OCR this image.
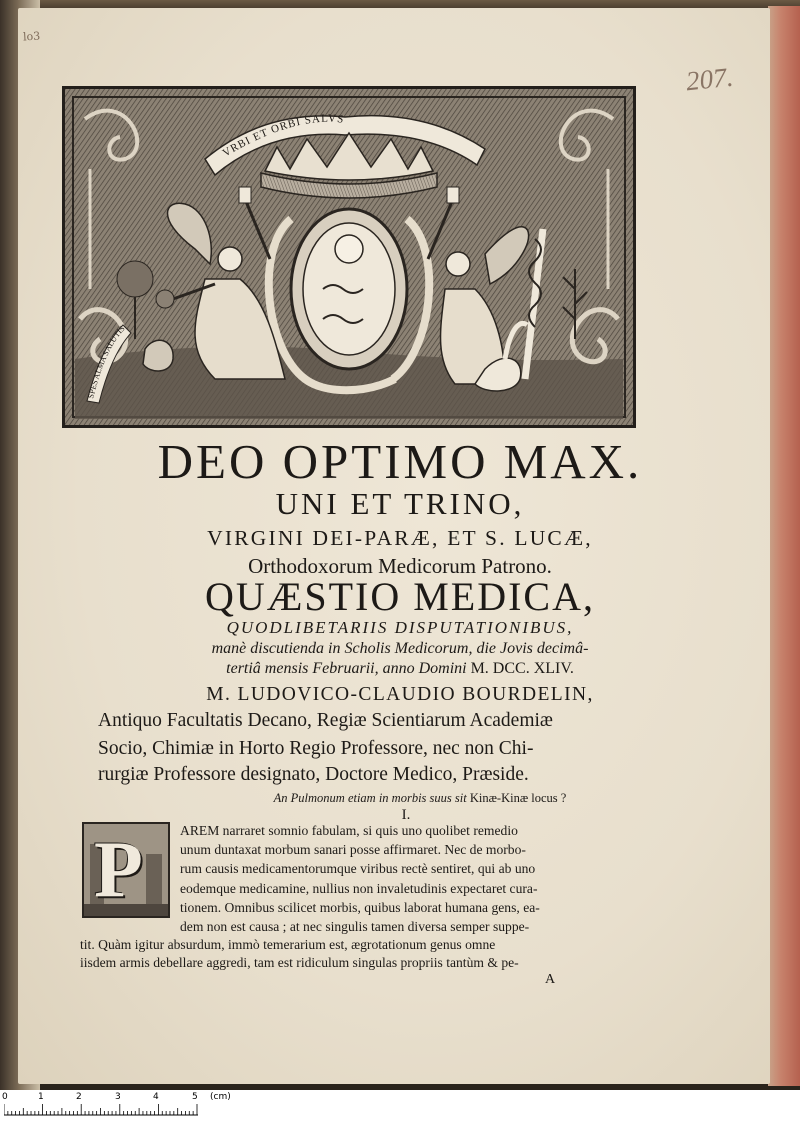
lo3
207.
VRBI ET ORBI SALVS
SPES ALMA SALUTIS
DEO OPTIMO MAX.
UNI ET TRINO,
VIRGINI DEI-PARÆ, ET S. LUCÆ,
Orthodoxorum Medicorum Patrono.
QUÆSTIO MEDICA,
QUODLIBETARIIS DISPUTATIONIBUS,
manè discutienda in Scholis Medicorum, die Jovis decimâ-
tertiâ mensis Februarii, anno Domini M. DCC. XLIV.
M. LUDOVICO-CLAUDIO BOURDELIN,
Antiquo Facultatis Decano, Regiæ Scientiarum Academiæ
Socio, Chimiæ in Horto Regio Professore, nec non Chi-
rurgiæ Professore designato, Doctore Medico, Præside.
An Pulmonum etiam in morbis suus sit Kinæ-Kinæ locus ?
I.
P	AREM narraret somnio fabulam, si quis uno quolibet remedio
unum duntaxat morbum sanari posse affirmaret. Nec de morbo-
rum causis medicamentorumque viribus rectè sentiret, qui ab uno
eodemque medicamine, nullius non invaletudinis expectaret cura-
tionem. Omnibus scilicet morbis, quibus laborat humana gens, ea-
dem non est causa ; at nec singulis tamen diversa semper suppe-
tit. Quàm igitur absurdum, immò temerarium est, ægrotationum genus omne
iisdem armis debellare aggredi, tam est ridiculum singulas propriis tantùm & pe-
A
0	1	2	3	4	5 (cm)
